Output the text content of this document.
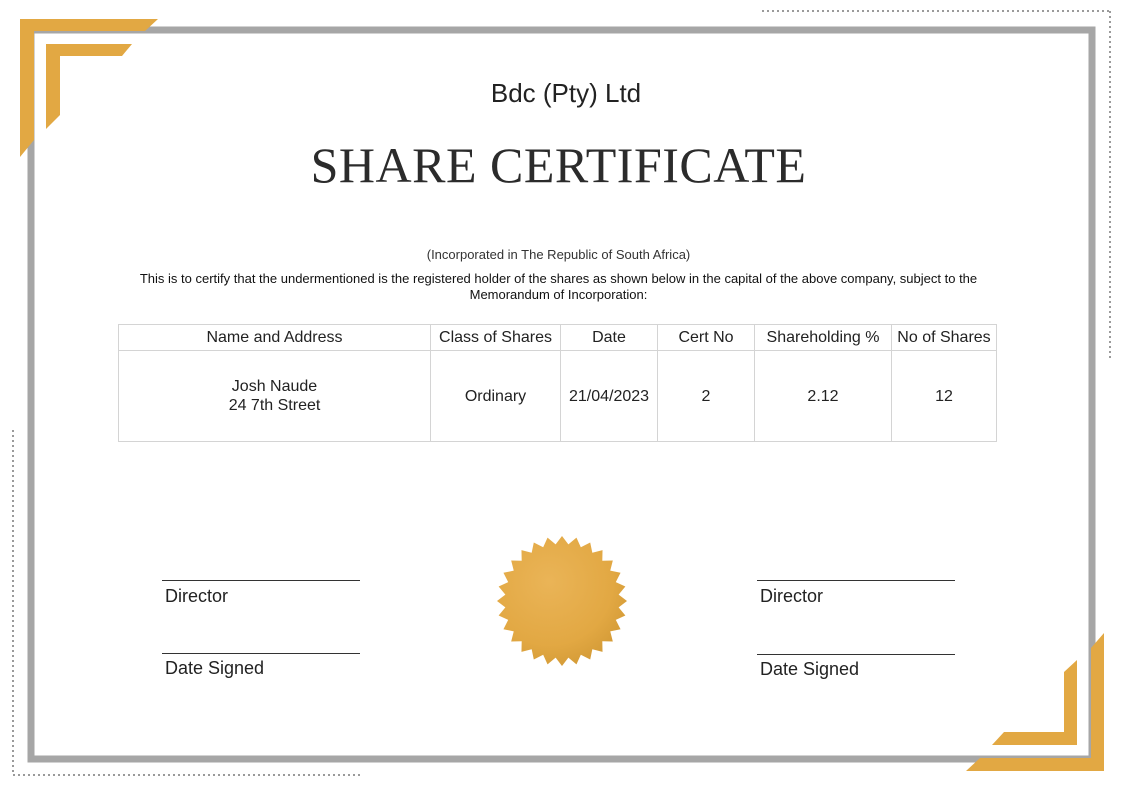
Bdc (Pty) Ltd
SHARE CERTIFICATE
(Incorporated in The Republic of South Africa)
This is to certify that the undermentioned is the registered holder of the shares as shown below in the capital of the above company, subject to the Memorandum of Incorporation:
Name and Address	Class of Shares	Date	Cert No	Shareholding %	No of Shares

Josh Naude
24 7th Street	Ordinary	21/04/2023	2	2.12	12
Director
Date Signed
Director
Date Signed
